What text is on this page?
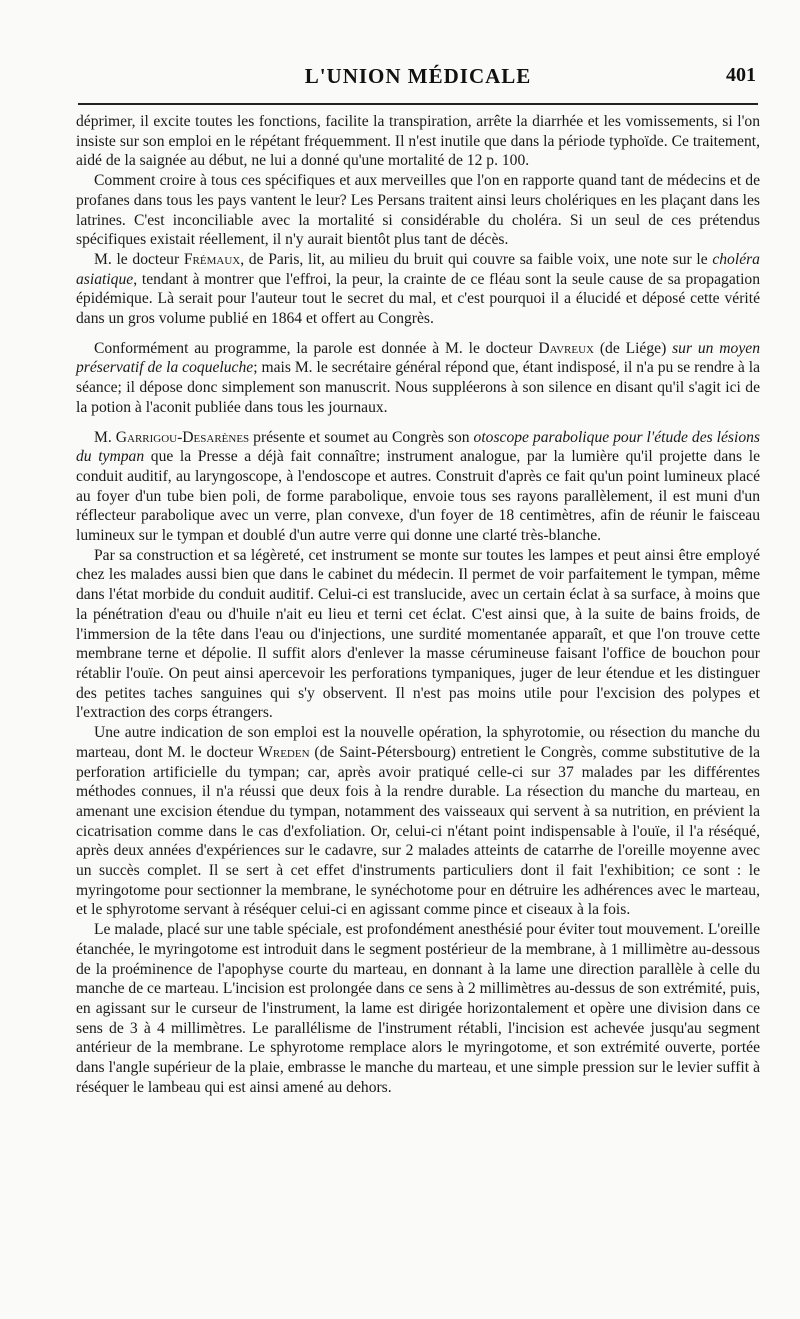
L'UNION MÉDICALE	401

déprimer, il excite toutes les fonctions, facilite la transpiration, arrête la diarrhée et les vomissements, si l'on insiste sur son emploi en le répétant fréquemment. Il n'est inutile que dans la période typhoïde. Ce traitement, aidé de la saignée au début, ne lui a donné qu'une mortalité de 12 p. 100.

Comment croire à tous ces spécifiques et aux merveilles que l'on en rapporte quand tant de médecins et de profanes dans tous les pays vantent le leur? Les Persans traitent ainsi leurs cholériques en les plaçant dans les latrines. C'est inconciliable avec la mortalité si considérable du choléra. Si un seul de ces prétendus spécifiques existait réellement, il n'y aurait bientôt plus tant de décès.

M. le docteur Frémaux, de Paris, lit, au milieu du bruit qui couvre sa faible voix, une note sur le choléra asiatique, tendant à montrer que l'effroi, la peur, la crainte de ce fléau sont la seule cause de sa propagation épidémique. Là serait pour l'auteur tout le secret du mal, et c'est pourquoi il a élucidé et déposé cette vérité dans un gros volume publié en 1864 et offert au Congrès.

Conformément au programme, la parole est donnée à M. le docteur Davreux (de Liége) sur un moyen préservatif de la coqueluche; mais M. le secrétaire général répond que, étant indisposé, il n'a pu se rendre à la séance; il dépose donc simplement son manuscrit. Nous suppléerons à son silence en disant qu'il s'agit ici de la potion à l'aconit publiée dans tous les journaux.

M. Garrigou-Desarènes présente et soumet au Congrès son otoscope parabolique pour l'étude des lésions du tympan que la Presse a déjà fait connaître; instrument analogue, par la lumière qu'il projette dans le conduit auditif, au laryngoscope, à l'endoscope et autres. Construit d'après ce fait qu'un point lumineux placé au foyer d'un tube bien poli, de forme parabolique, envoie tous ses rayons parallèlement, il est muni d'un réflecteur parabolique avec un verre, plan convexe, d'un foyer de 18 centimètres, afin de réunir le faisceau lumineux sur le tympan et doublé d'un autre verre qui donne une clarté très-blanche.

Par sa construction et sa légèreté, cet instrument se monte sur toutes les lampes et peut ainsi être employé chez les malades aussi bien que dans le cabinet du médecin. Il permet de voir parfaitement le tympan, même dans l'état morbide du conduit auditif. Celui-ci est translucide, avec un certain éclat à sa surface, à moins que la pénétration d'eau ou d'huile n'ait eu lieu et terni cet éclat. C'est ainsi que, à la suite de bains froids, de l'immersion de la tête dans l'eau ou d'injections, une surdité momentanée apparaît, et que l'on trouve cette membrane terne et dépolie. Il suffit alors d'enlever la masse cérumineuse faisant l'office de bouchon pour rétablir l'ouïe. On peut ainsi apercevoir les perforations tympaniques, juger de leur étendue et les distinguer des petites taches sanguines qui s'y observent. Il n'est pas moins utile pour l'excision des polypes et l'extraction des corps étrangers.

Une autre indication de son emploi est la nouvelle opération, la sphyrotomie, ou résection du manche du marteau, dont M. le docteur Wreden (de Saint-Pétersbourg) entretient le Congrès, comme substitutive de la perforation artificielle du tympan; car, après avoir pratiqué celle-ci sur 37 malades par les différentes méthodes connues, il n'a réussi que deux fois à la rendre durable. La résection du manche du marteau, en amenant une excision étendue du tympan, notamment des vaisseaux qui servent à sa nutrition, en prévient la cicatrisation comme dans le cas d'exfoliation. Or, celui-ci n'étant point indispensable à l'ouïe, il l'a réséqué, après deux années d'expériences sur le cadavre, sur 2 malades atteints de catarrhe de l'oreille moyenne avec un succès complet. Il se sert à cet effet d'instruments particuliers dont il fait l'exhibition; ce sont : le myringotome pour sectionner la membrane, le synéchotome pour en détruire les adhérences avec le marteau, et le sphyrotome servant à réséquer celui-ci en agissant comme pince et ciseaux à la fois.

Le malade, placé sur une table spéciale, est profondément anesthésié pour éviter tout mouvement. L'oreille étanchée, le myringotome est introduit dans le segment postérieur de la membrane, à 1 millimètre au-dessous de la proéminence de l'apophyse courte du marteau, en donnant à la lame une direction parallèle à celle du manche de ce marteau. L'incision est prolongée dans ce sens à 2 millimètres au-dessus de son extrémité, puis, en agissant sur le curseur de l'instrument, la lame est dirigée horizontalement et opère une division dans ce sens de 3 à 4 millimètres. Le parallélisme de l'instrument rétabli, l'incision est achevée jusqu'au segment antérieur de la membrane. Le sphyrotome remplace alors le myringotome, et son extrémité ouverte, portée dans l'angle supérieur de la plaie, embrasse le manche du marteau, et une simple pression sur le levier suffit à réséquer le lambeau qui est ainsi amené au dehors.
